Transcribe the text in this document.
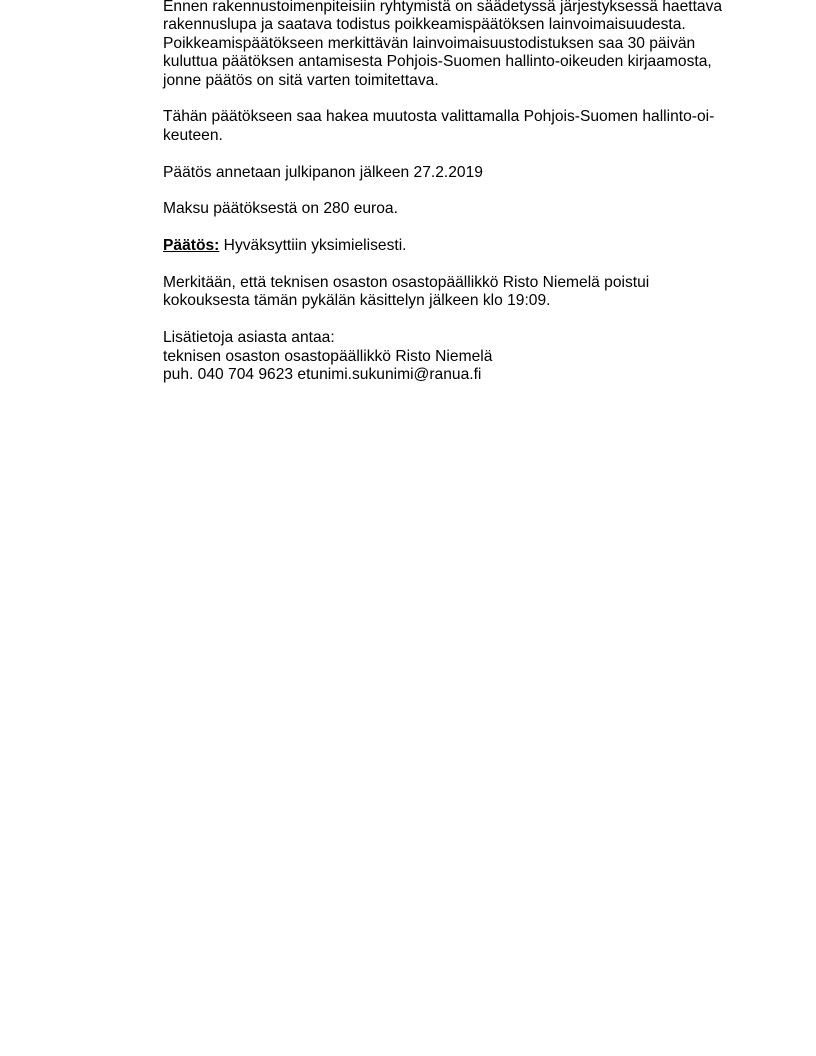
Ennen rakennustoimenpiteisiin ryhtymistä on säädetyssä järjestyksessä haettava
rakennuslupa ja saatava todistus poikkeamispäätöksen lainvoimaisuudesta.
Poikkeamispäätökseen merkittävän lainvoimaisuustodistuksen saa 30 päivän
kuluttua päätöksen antamisesta Pohjois-Suomen hallinto-oikeuden kirjaamosta,
jonne päätös on sitä varten toimitettava.
Tähän päätökseen saa hakea muutosta valittamalla Pohjois-Suomen hallinto-oi-
keuteen.
Päätös annetaan julkipanon jälkeen 27.2.2019
Maksu päätöksestä on 280 euroa.
Päätös: Hyväksyttiin yksimielisesti.
Merkitään, että teknisen osaston osastopäällikkö Risto Niemelä poistui
kokouksesta tämän pykälän käsittelyn jälkeen klo 19:09.
Lisätietoja asiasta antaa:
teknisen osaston osastopäällikkö Risto Niemelä
puh. 040 704 9623 etunimi.sukunimi@ranua.fi
